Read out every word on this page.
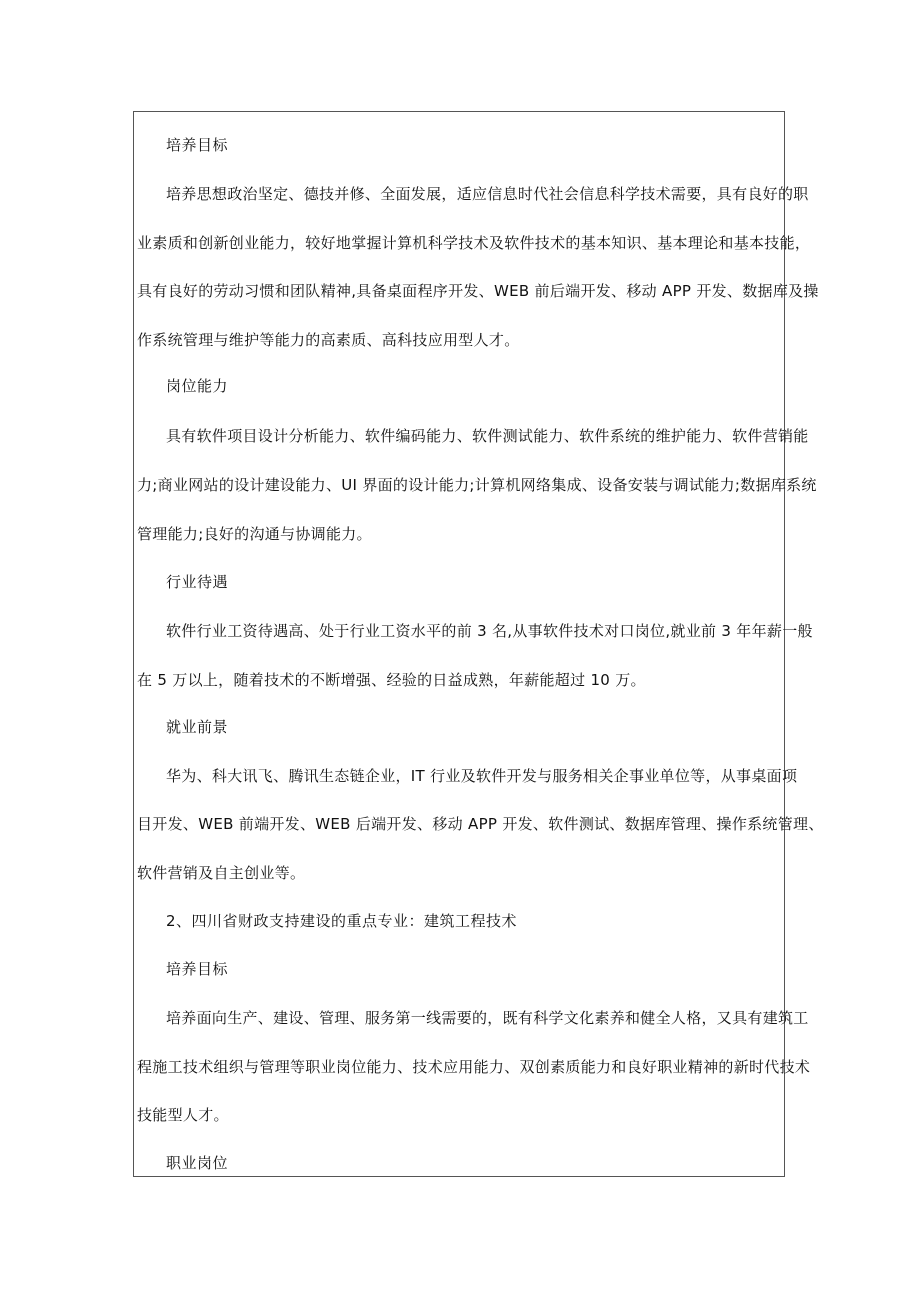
培养目标
培养思想政治坚定、德技并修、全面发展，适应信息时代社会信息科学技术需要，具有良好的职
业素质和创新创业能力，较好地掌握计算机科学技术及软件技术的基本知识、基本理论和基本技能，
具有良好的劳动习惯和团队精神,具备桌面程序开发、WEB 前后端开发、移动 APP 开发、数据库及操
作系统管理与维护等能力的高素质、高科技应用型人才。
岗位能力
具有软件项目设计分析能力、软件编码能力、软件测试能力、软件系统的维护能力、软件营销能
力;商业网站的设计建设能力、UI 界面的设计能力;计算机网络集成、设备安装与调试能力;数据库系统
管理能力;良好的沟通与协调能力。
行业待遇
软件行业工资待遇高、处于行业工资水平的前 3 名,从事软件技术对口岗位,就业前 3 年年薪一般
在 5 万以上，随着技术的不断增强、经验的日益成熟，年薪能超过 10 万。
就业前景
华为、科大讯飞、腾讯生态链企业，IT 行业及软件开发与服务相关企事业单位等，从事桌面项
目开发、WEB 前端开发、WEB 后端开发、移动 APP 开发、软件测试、数据库管理、操作系统管理、
软件营销及自主创业等。
2、四川省财政支持建设的重点专业：建筑工程技术
培养目标
培养面向生产、建设、管理、服务第一线需要的，既有科学文化素养和健全人格，又具有建筑工
程施工技术组织与管理等职业岗位能力、技术应用能力、双创素质能力和良好职业精神的新时代技术
技能型人才。
职业岗位
